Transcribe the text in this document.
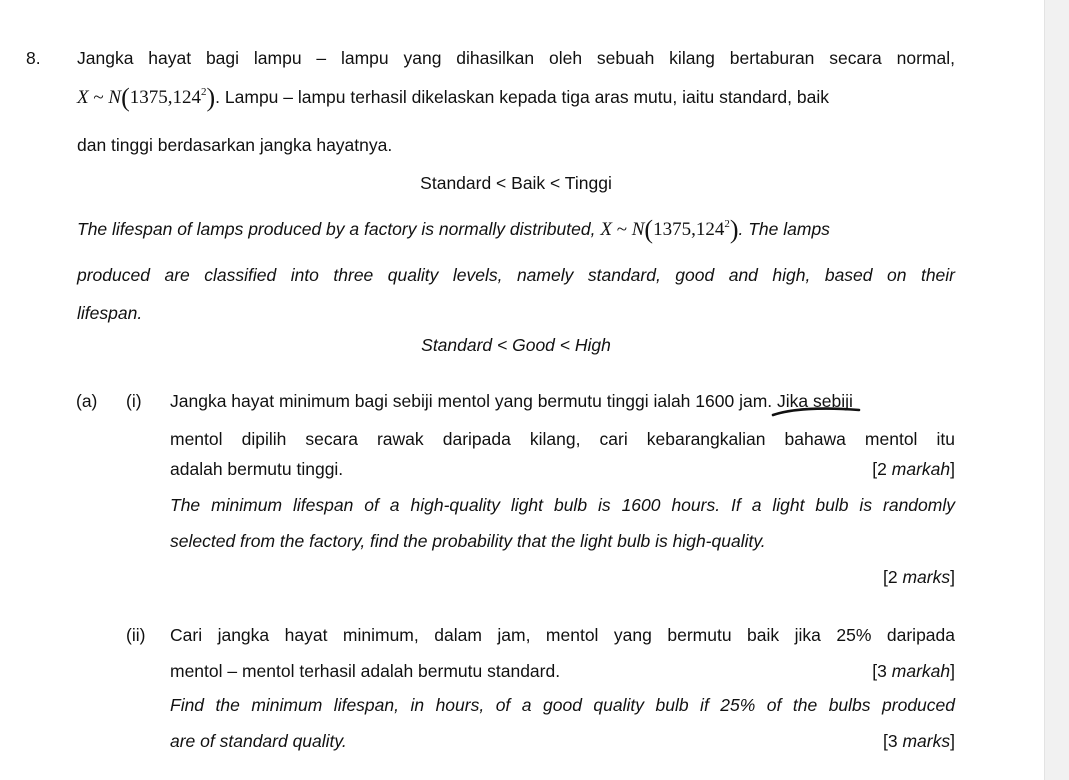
8. Jangka hayat bagi lampu – lampu yang dihasilkan oleh sebuah kilang bertaburan secara normal,
X ~ N(1375,124$^2$). Lampu – lampu terhasil dikelaskan kepada tiga aras mutu, iaitu standard, baik
dan tinggi berdasarkan jangka hayatnya.
Standard < Baik < Tinggi
The lifespan of lamps produced by a factory is normally distributed, X ~ N(1375,124$^2$). The lamps
produced are classified into three quality levels, namely standard, good and high, based on their
lifespan.
Standard < Good < High
(a) (i) Jangka hayat minimum bagi sebiji mentol yang bermutu tinggi ialah 1600 jam. Jika sebiji
mentol dipilih secara rawak daripada kilang, cari kebarangkalian bahawa mentol itu
adalah bermutu tinggi.	[2 markah]
The minimum lifespan of a high-quality light bulb is 1600 hours. If a light bulb is randomly
selected from the factory, find the probability that the light bulb is high-quality.
[2 marks]
(ii) Cari jangka hayat minimum, dalam jam, mentol yang bermutu baik jika 25% daripada
mentol – mentol terhasil adalah bermutu standard.	[3 markah]
Find the minimum lifespan, in hours, of a good quality bulb if 25% of the bulbs produced
are of standard quality.	[3 marks]
